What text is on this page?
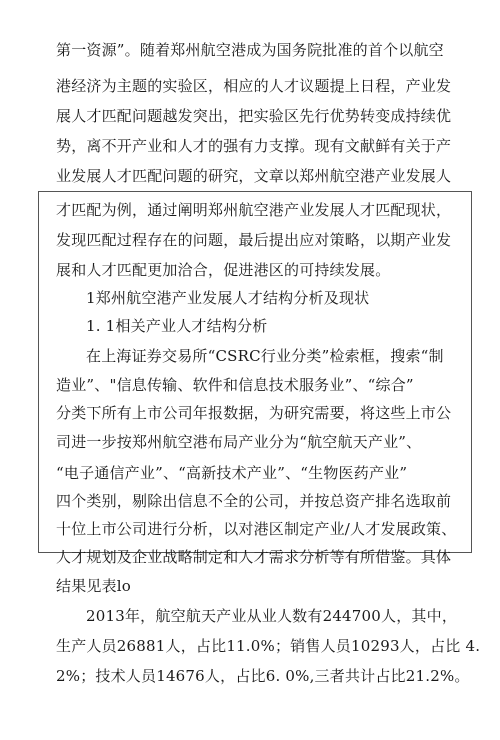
第一资源”。随着郑州航空港成为国务院批准的首个以航空
港经济为主题的实验区，相应的人才议题提上日程，产业发
展人才匹配问题越发突出，把实验区先行优势转变成持续优
势，离不开产业和人才的强有力支撑。现有文献鲜有关于产
业发展人才匹配问题的研究，文章以郑州航空港产业发展人
才匹配为例，通过阐明郑州航空港产业发展人才匹配现状，
发现匹配过程存在的问题，最后提出应对策略，以期产业发
展和人才匹配更加洽合，促进港区的可持续发展。
1郑州航空港产业发展人才结构分析及现状
1. 1相关产业人才结构分析
在上海证券交易所“CSRC行业分类”检索框，搜索“制
造业”、"信息传输、软件和信息技术服务业”、“综合”
分类下所有上市公司年报数据，为研究需要，将这些上市公
司进一步按郑州航空港布局产业分为“航空航天产业”、
“电子通信产业”、“高新技术产业”、“生物医药产业”
四个类别，剔除出信息不全的公司，并按总资产排名选取前
十位上市公司进行分析，以对港区制定产业/人才发展政策、
人才规划及企业战略制定和人才需求分析等有所借鉴。具体
结果见表lo
2013年，航空航天产业从业人数有244700人，其中，
生产人员26881人，占比11.0%；销售人员10293人，占比 4.
2%；技术人员14676人，占比6. 0%,三者共计占比21.2%。
